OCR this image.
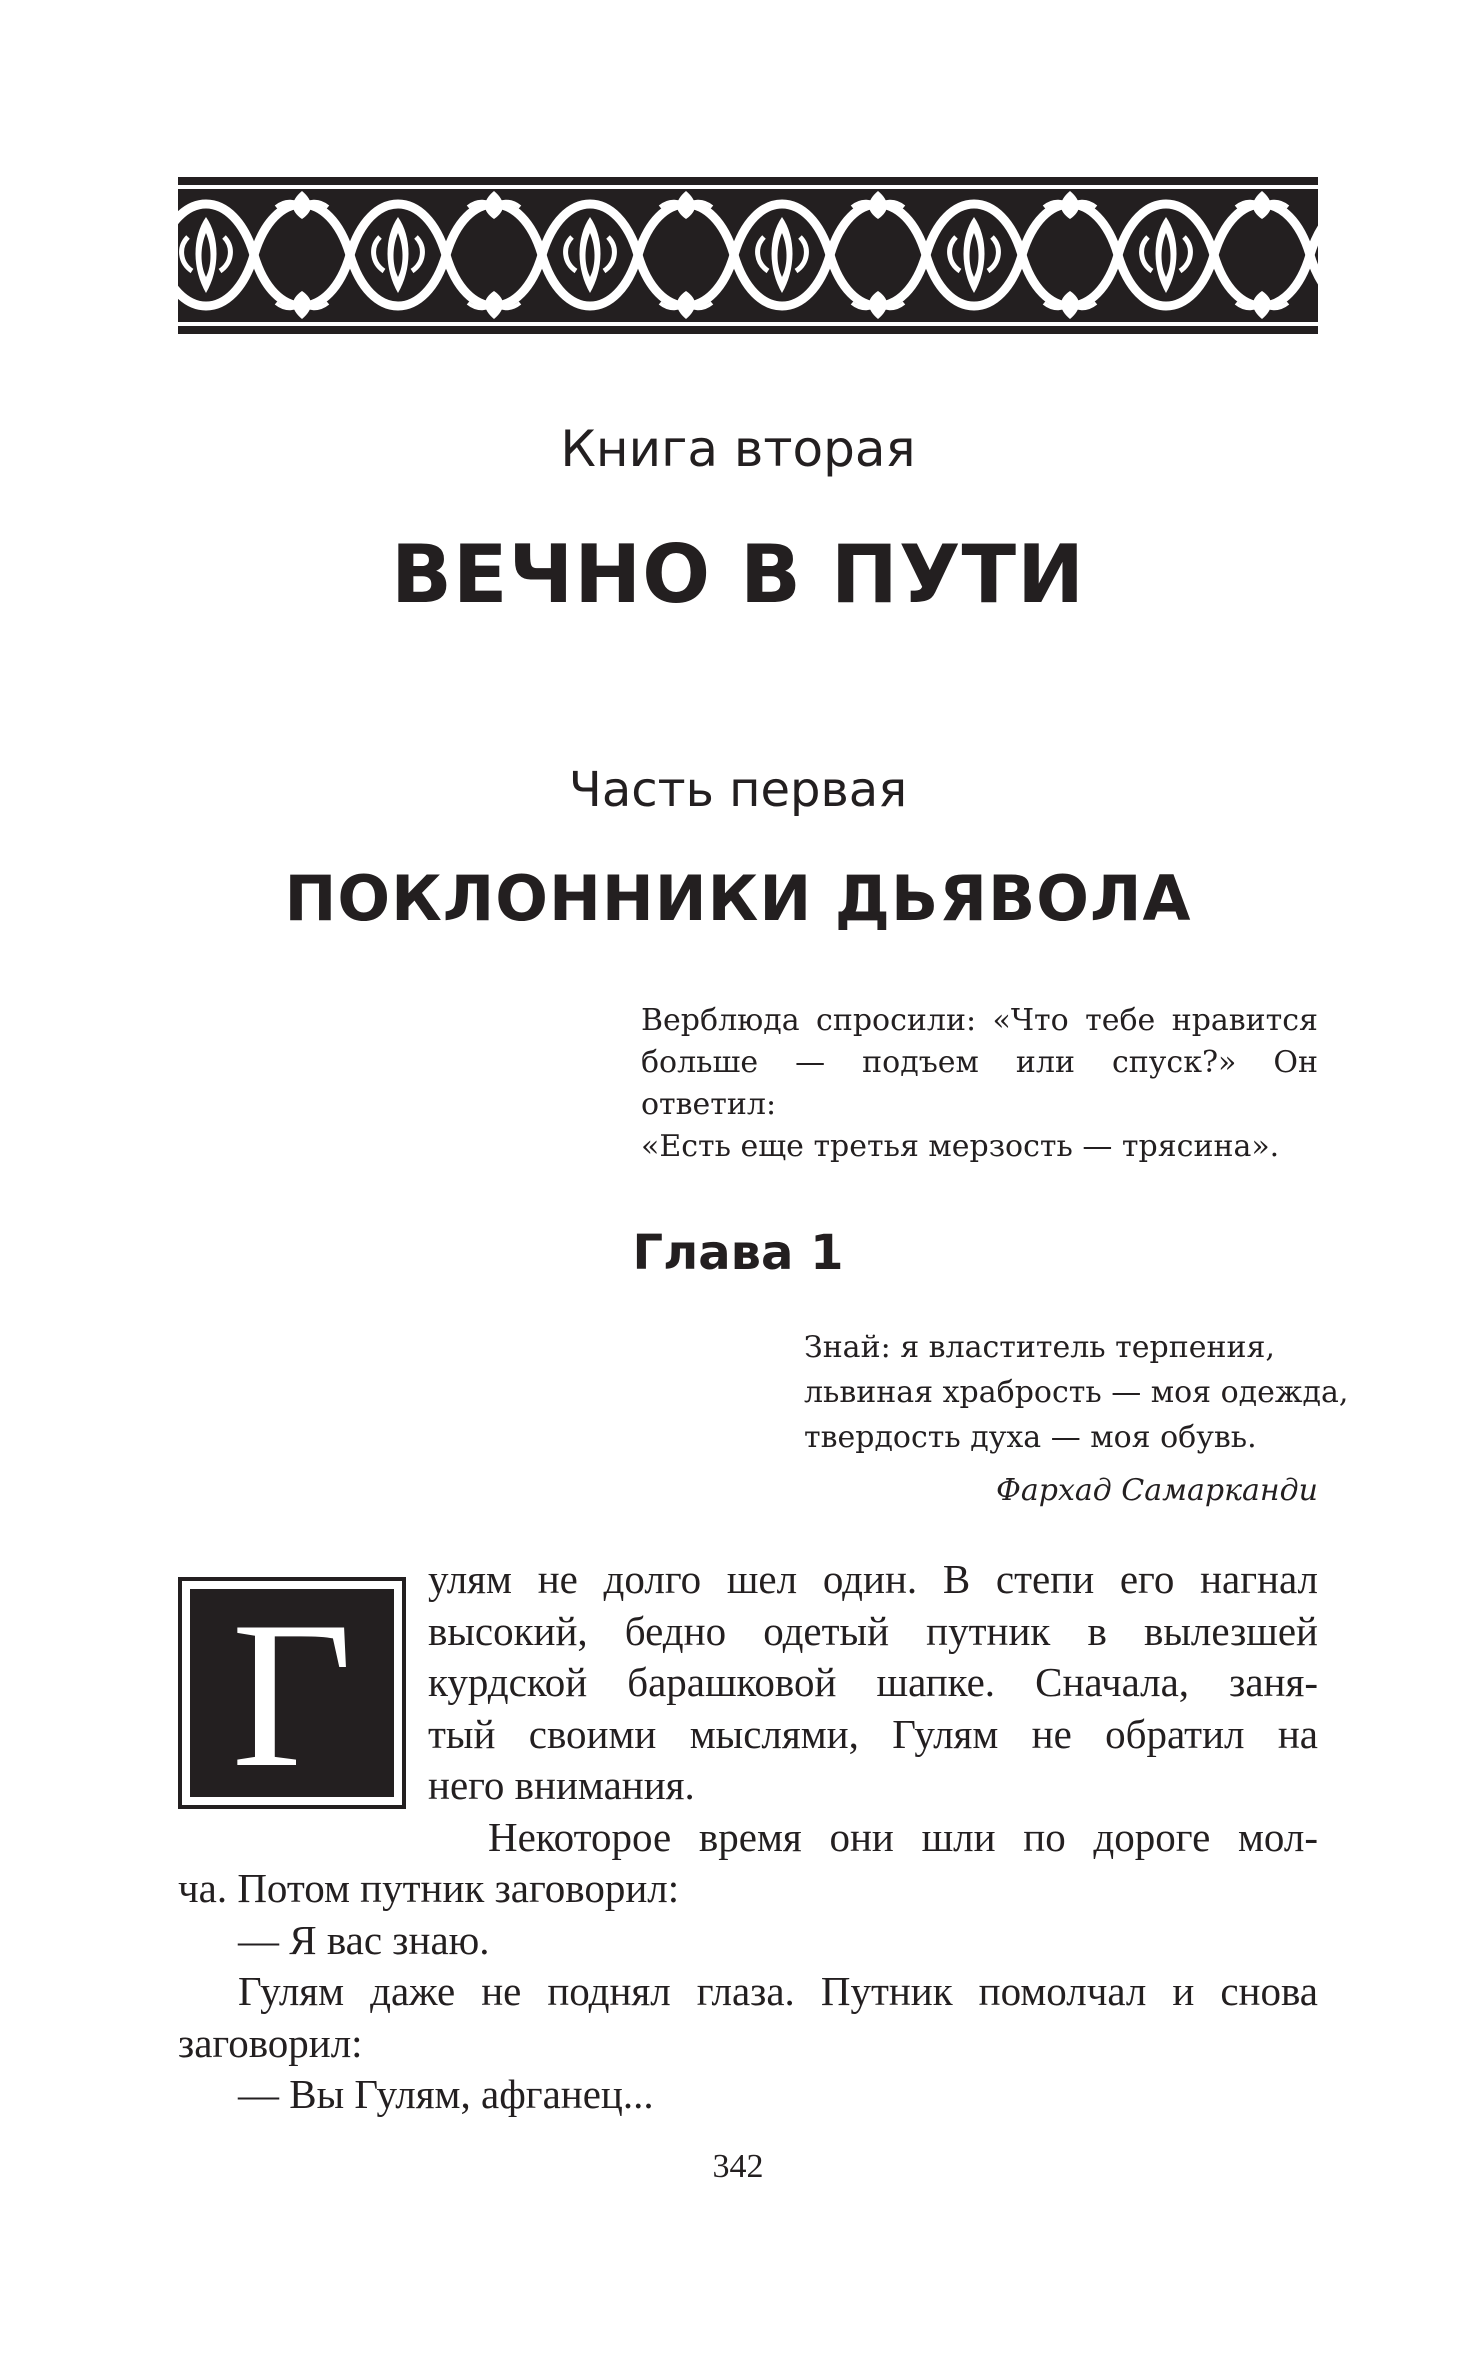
Книга вторая
ВЕЧНО В ПУТИ
Часть первая
ПОКЛОННИКИ ДЬЯВОЛА
Верблюда спросили: «Что тебе нравится
больше — подъем или спуск?» Он ответил:
«Есть еще третья мерзость — трясина».
Глава 1
Знай: я властитель терпения,
львиная храбрость — моя одежда,
твердость духа — моя обувь.
Фархад Самарканди
Г	улям не долго шел один. В степи его нагнал
высокий, бедно одетый путник в вылезшей
курдской барашковой шапке. Сначала, заня-
тый своими мыслями, Гулям не обратил на
него внимания.
Некоторое время они шли по дороге мол-
ча. Потом путник заговорил:
— Я вас знаю.
Гулям даже не поднял глаза. Путник помолчал и снова
заговорил:
— Вы Гулям, афганец...
342
